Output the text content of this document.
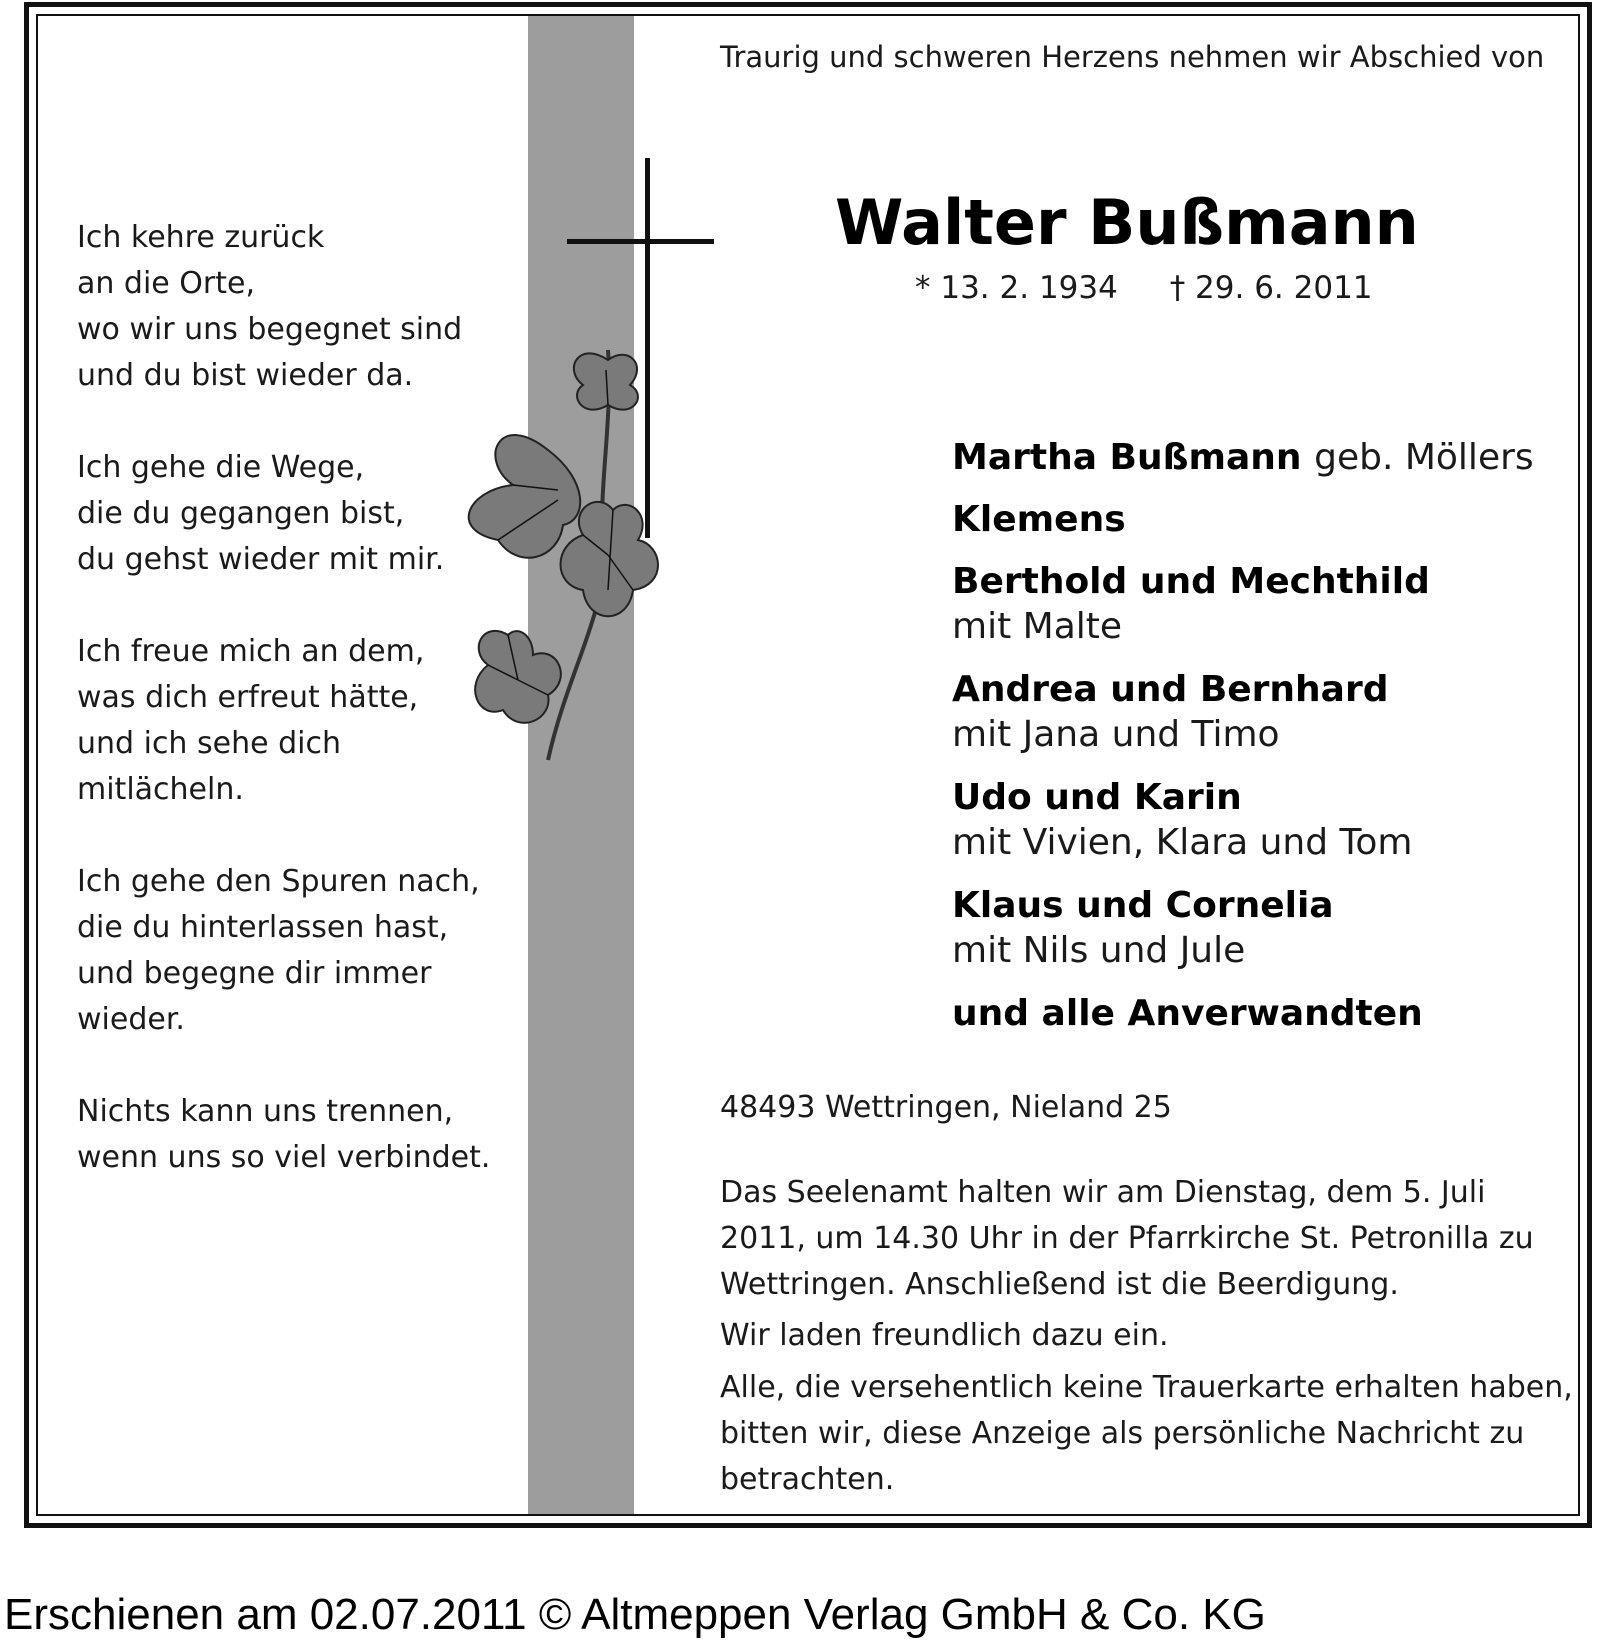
Ich kehre zurück
an die Orte,
wo wir uns begegnet sind
und du bist wieder da.
Ich gehe die Wege,
die du gegangen bist,
du gehst wieder mit mir.
Ich freue mich an dem,
was dich erfreut hätte,
und ich sehe dich
mitlächeln.
Ich gehe den Spuren nach,
die du hinterlassen hast,
und begegne dir immer
wieder.
Nichts kann uns trennen,
wenn uns so viel verbindet.
Traurig und schweren Herzens nehmen wir Abschied von
Walter Bußmann
* 13. 2. 1934 † 29. 6. 2011
Martha Bußmann geb. Möllers
Klemens
Berthold und Mechthild
mit Malte
Andrea und Bernhard
mit Jana und Timo
Udo und Karin
mit Vivien, Klara und Tom
Klaus und Cornelia
mit Nils und Jule
und alle Anverwandten
48493 Wettringen, Nieland 25
Das Seelenamt halten wir am Dienstag, dem 5. Juli
2011, um 14.30 Uhr in der Pfarrkirche St. Petronilla zu
Wettringen. Anschließend ist die Beerdigung.
Wir laden freundlich dazu ein.
Alle, die versehentlich keine Trauerkarte erhalten haben,
bitten wir, diese Anzeige als persönliche Nachricht zu
betrachten.
Erschienen am 02.07.2011 © Altmeppen Verlag GmbH & Co. KG
